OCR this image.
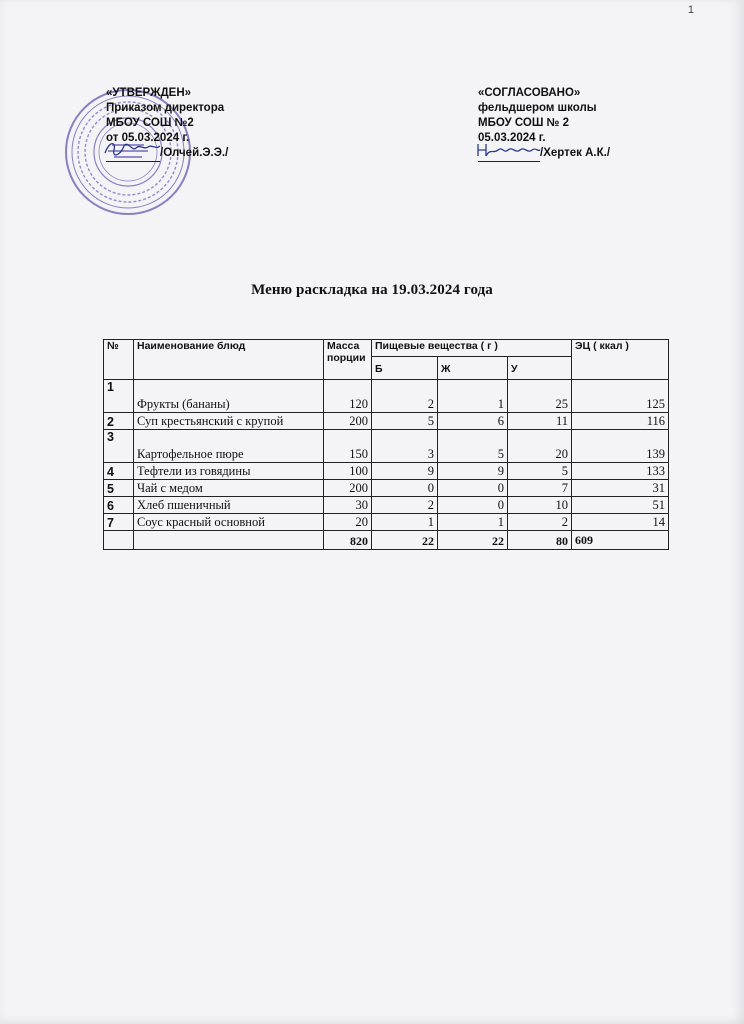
1
«УТВЕРЖДЕН»
Приказом директора
МБОУ СОШ №2
от 05.03.2024 г.
/Олчей.Э.Э./
«СОГЛАСОВАНО»
фельдшером школы
МБОУ СОШ № 2
05.03.2024 г.
/Хертек А.К./
Меню раскладка на 19.03.2024 года
№	Наименование блюд	Масса порции	Пищевые вещества ( г )			ЭЦ ( ккал )
			Б	Ж	У	
1	Фрукты (бананы)	120	2	1	25	125
2	Суп крестьянский с крупой	200	5	6	11	116
3	Картофельное пюре	150	3	5	20	139
4	Тефтели из говядины	100	9	9	5	133
5	Чай с медом	200	0	0	7	31
6	Хлеб пшеничный	30	2	0	10	51
7	Соус красный основной	20	1	1	2	14
		820	22	22	80	609
